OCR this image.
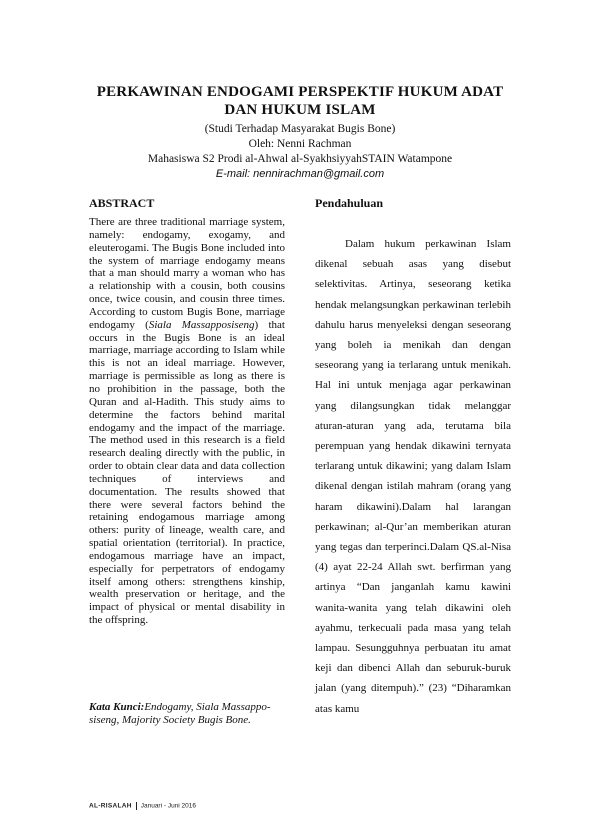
PERKAWINAN ENDOGAMI PERSPEKTIF HUKUM ADAT DAN HUKUM ISLAM
(Studi Terhadap Masyarakat Bugis Bone)
Oleh: Nenni Rachman
Mahasiswa S2 Prodi al-Ahwal al-SyakhsiyyahSTAIN Watampone
E-mail: nennirachman@gmail.com
ABSTRACT
There are three traditional marriage system, namely: endogamy, exogamy, and eleuterogami. The Bugis Bone included into the system of marriage endogamy means that a man should marry a woman who has a relationship with a cousin, both cousins once, twice cousin, and cousin three times. According to custom Bugis Bone, marriage endogamy (Siala Massapposiseng) that occurs in the Bugis Bone is an ideal marriage, marriage according to Islam while this is not an ideal marriage. However, marriage is permissible as long as there is no prohibition in the passage, both the Quran and al-Hadith. This study aims to determine the factors behind marital endogamy and the impact of the marriage. The method used in this research is a field research dealing directly with the public, in order to obtain clear data and data collection techniques of interviews and documentation. The results showed that there were several factors behind the retaining endogamous marriage among others: purity of lineage, wealth care, and spatial orientation (territorial). In practice, endogamous marriage have an impact, especially for perpetrators of endogamy itself among others: strengthens kinship, wealth preservation or heritage, and the impact of physical or mental disability in the offspring.
Kata Kunci:Endogamy, Siala Massappo-siseng, Majority Society Bugis Bone.
Pendahuluan
Dalam hukum perkawinan Islam dikenal sebuah asas yang disebut selektivitas. Artinya, seseorang ketika hendak melangsungkan perkawinan terlebih dahulu harus menyeleksi dengan seseorang yang boleh ia menikah dan dengan seseorang yang ia terlarang untuk menikah. Hal ini untuk menjaga agar perkawinan yang dilangsungkan tidak melanggar aturan-aturan yang ada, terutama bila perempuan yang hendak dikawini ternyata terlarang untuk dikawini; yang dalam Islam dikenal dengan istilah mahram (orang yang haram dikawini).Dalam hal larangan perkawinan; al-Qur’an memberikan aturan yang tegas dan terperinci.Dalam QS.al-Nisa (4) ayat 22-24 Allah swt. berfirman yang artinya “Dan janganlah kamu kawini wanita-wanita yang telah dikawini oleh ayahmu, terkecuali pada masa yang telah lampau. Sesungguhnya perbuatan itu amat keji dan dibenci Allah dan seburuk-buruk jalan (yang ditempuh).” (23) “Diharamkan atas kamu
AL-RISALAH Januari - Juni 2016
